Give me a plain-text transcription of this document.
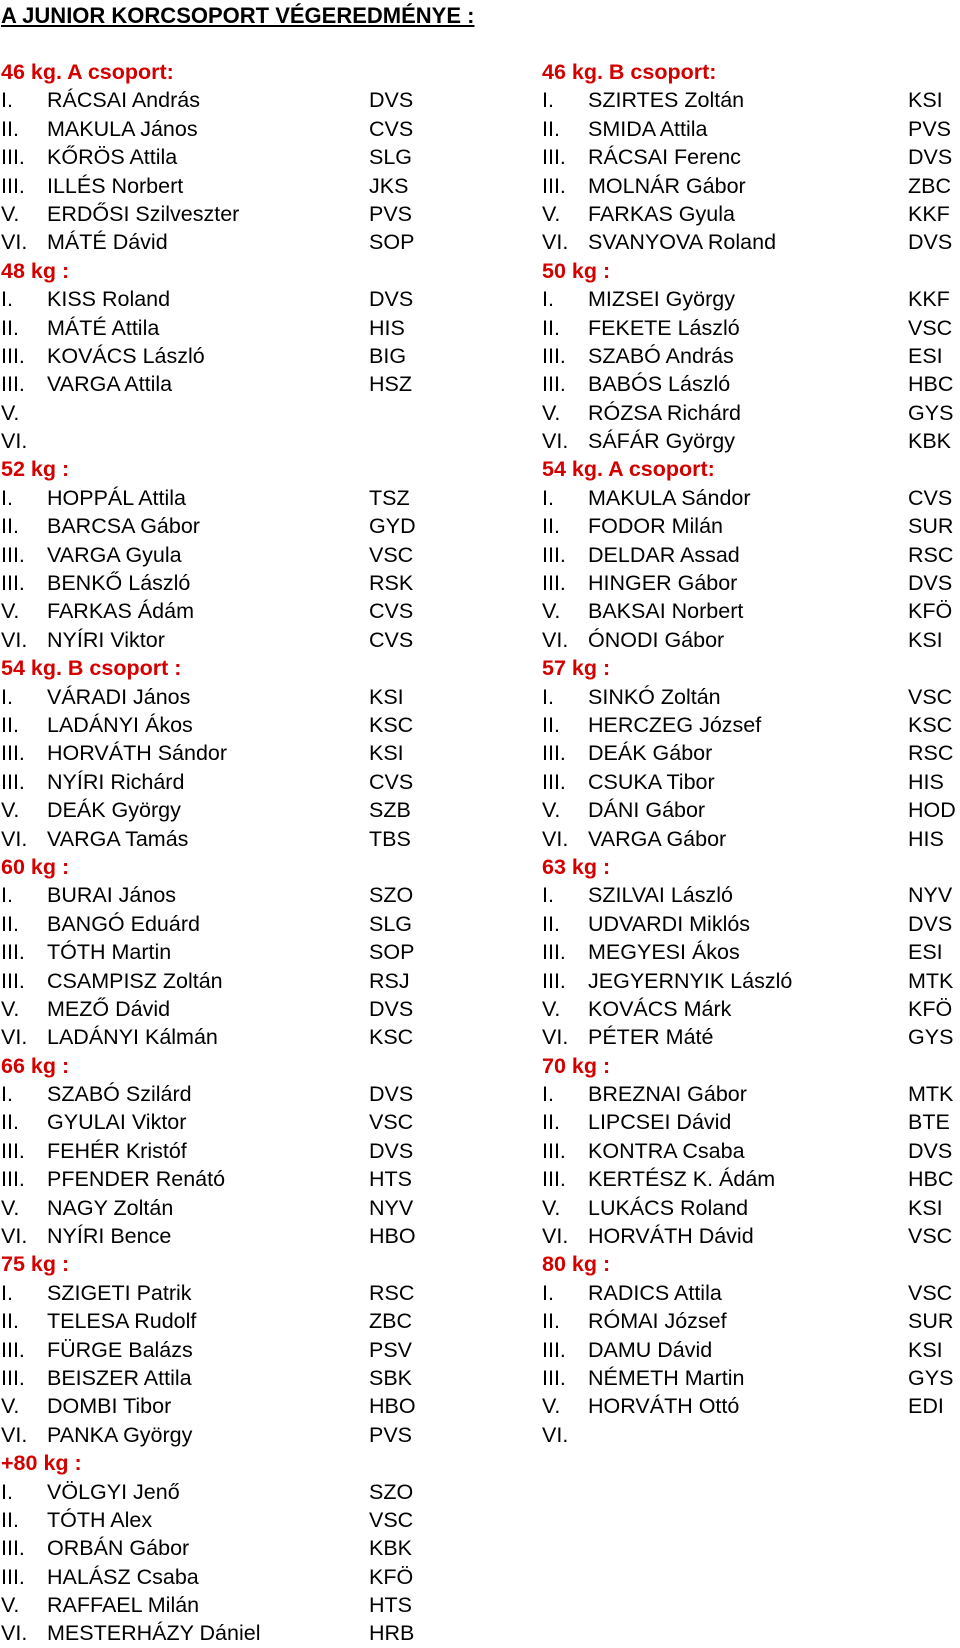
A JUNIOR KORCSOPORT VÉGEREDMÉNYE :
46 kg. A csoport:
I. RÁCSAI András	DVS
II. MAKULA János	CVS
III. KŐRÖS Attila	SLG
III. ILLÉS Norbert	JKS
V. ERDŐSI Szilveszter	PVS
VI. MÁTÉ Dávid	SOP
48 kg :
I. KISS Roland	DVS
II. MÁTÉ Attila	HIS
III. KOVÁCS László	BIG
III. VARGA Attila	HSZ
V.
VI.
52 kg :
I. HOPPÁL Attila	TSZ
II. BARCSA Gábor	GYD
III. VARGA Gyula	VSC
III. BENKŐ László	RSK
V. FARKAS Ádám	CVS
VI. NYÍRI Viktor	CVS
54 kg. B csoport :
I. VÁRADI János	KSI
II. LADÁNYI Ákos	KSC
III. HORVÁTH Sándor	KSI
III. NYÍRI Richárd	CVS
V. DEÁK György	SZB
VI. VARGA Tamás	TBS
60 kg :
I. BURAI János	SZO
II. BANGÓ Eduárd	SLG
III. TÓTH Martin	SOP
III. CSAMPISZ Zoltán	RSJ
V. MEZŐ Dávid	DVS
VI. LADÁNYI Kálmán	KSC
66 kg :
I. SZABÓ Szilárd	DVS
II. GYULAI Viktor	VSC
III. FEHÉR Kristóf	DVS
III. PFENDER Renátó	HTS
V. NAGY Zoltán	NYV
VI. NYÍRI Bence	HBO
75 kg :
I. SZIGETI Patrik	RSC
II. TELESA Rudolf	ZBC
III. FÜRGE Balázs	PSV
III. BEISZER Attila	SBK
V. DOMBI Tibor	HBO
VI. PANKA György	PVS
+80 kg :
I. VÖLGYI Jenő	SZO
II. TÓTH Alex	VSC
III. ORBÁN Gábor	KBK
III. HALÁSZ Csaba	KFÖ
V. RAFFAEL Milán	HTS
VI. MESTERHÁZY Dániel	HRB
46 kg. B csoport:
I. SZIRTES Zoltán	KSI
II. SMIDA Attila	PVS
III. RÁCSAI Ferenc	DVS
III. MOLNÁR Gábor	ZBC
V. FARKAS Gyula	KKF
VI. SVANYOVA Roland	DVS
50 kg :
I. MIZSEI György	KKF
II. FEKETE László	VSC
III. SZABÓ András	ESI
III. BABÓS László	HBC
V. RÓZSA Richárd	GYS
VI. SÁFÁR György	KBK
54 kg. A csoport:
I. MAKULA Sándor	CVS
II. FODOR Milán	SUR
III. DELDAR Assad	RSC
III. HINGER Gábor	DVS
V. BAKSAI Norbert	KFÖ
VI. ÓNODI Gábor	KSI
57 kg :
I. SINKÓ Zoltán	VSC
II. HERCZEG József	KSC
III. DEÁK Gábor	RSC
III. CSUKA Tibor	HIS
V. DÁNI Gábor	HOD
VI. VARGA Gábor	HIS
63 kg :
I. SZILVAI László	NYV
II. UDVARDI Miklós	DVS
III. MEGYESI Ákos	ESI
III. JEGYERNYIK László	MTK
V. KOVÁCS Márk	KFÖ
VI. PÉTER Máté	GYS
70 kg :
I. BREZNAI Gábor	MTK
II. LIPCSEI Dávid	BTE
III. KONTRA Csaba	DVS
III. KERTÉSZ K. Ádám	HBC
V. LUKÁCS Roland	KSI
VI. HORVÁTH Dávid	VSC
80 kg :
I. RADICS Attila	VSC
II. RÓMAI József	SUR
III. DAMU Dávid	KSI
III. NÉMETH Martin	GYS
V. HORVÁTH Ottó	EDI
VI.
